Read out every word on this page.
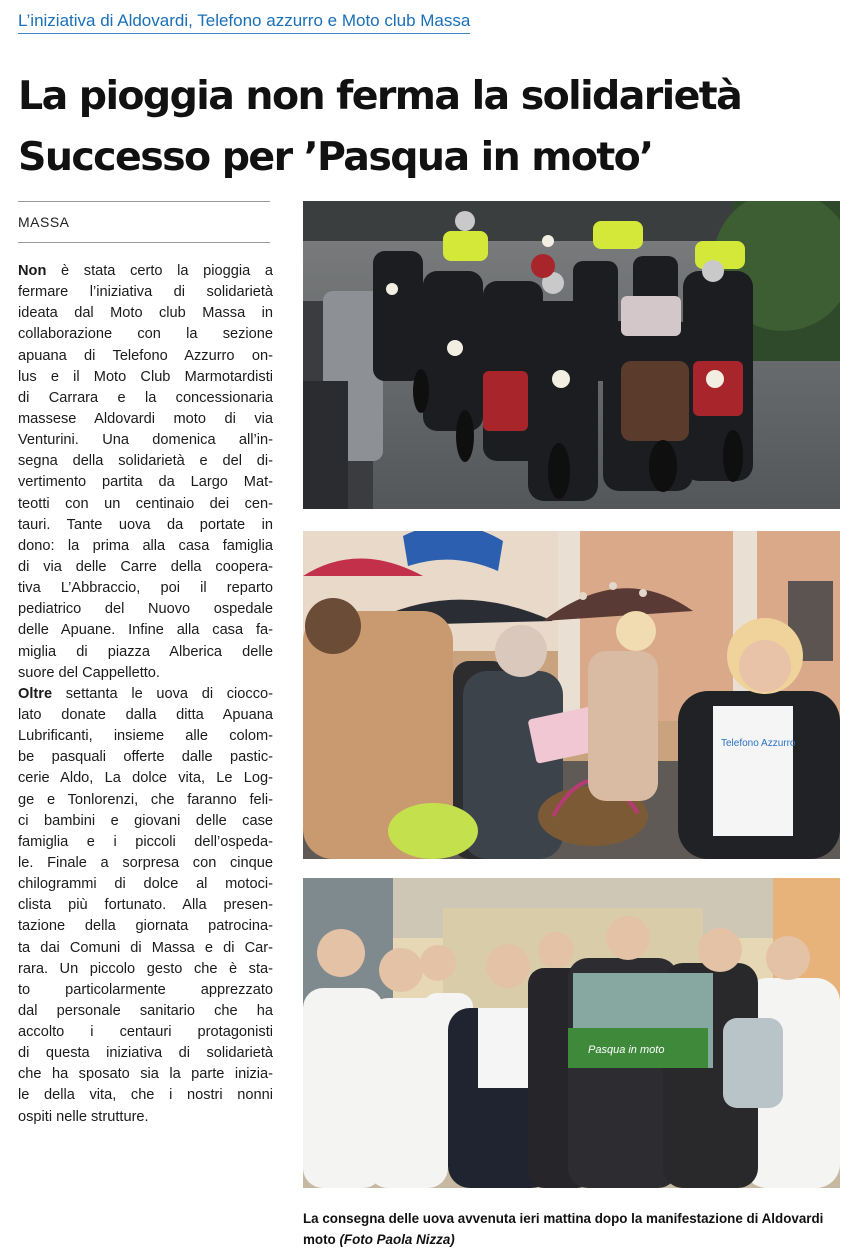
L’iniziativa di Aldovardi, Telefono azzurro e Moto club Massa
La pioggia non ferma la solidarietà
Successo per ’Pasqua in moto’
MASSA
Non è stata certo la pioggia a
fermare l’iniziativa di solidarietà
ideata dal Moto club Massa in
collaborazione con la sezione
apuana di Telefono Azzurro on-
lus e il Moto Club Marmotardisti
di Carrara e la concessionaria
massese Aldovardi moto di via
Venturini. Una domenica all’in-
segna della solidarietà e del di-
vertimento partita da Largo Mat-
teotti con un centinaio dei cen-
tauri. Tante uova da portate in
dono: la prima alla casa famiglia
di via delle Carre della coopera-
tiva L’Abbraccio, poi il reparto
pediatrico del Nuovo ospedale
delle Apuane. Infine alla casa fa-
miglia di piazza Alberica delle
suore del Cappelletto.
Oltre settanta le uova di ciocco-
lato donate dalla ditta Apuana
Lubrificanti, insieme alle colom-
be pasquali offerte dalle pastic-
cerie Aldo, La dolce vita, Le Log-
ge e Tonlorenzi, che faranno feli-
ci bambini e giovani delle case
famiglia e i piccoli dell’ospeda-
le. Finale a sorpresa con cinque
chilogrammi di dolce al motoci-
clista più fortunato. Alla presen-
tazione della giornata patrocina-
ta dai Comuni di Massa e di Car-
rara. Un piccolo gesto che è sta-
to particolarmente apprezzato
dal personale sanitario che ha
accolto i centauri protagonisti
di questa iniziativa di solidarietà
che ha sposato sia la parte inizia-
le della vita, che i nostri nonni
ospiti nelle strutture.
Telefono Azzurro
Pasqua in moto
La consegna delle uova avvenuta ieri mattina dopo la manifestazione di Aldovardi moto (Foto Paola Nizza)
